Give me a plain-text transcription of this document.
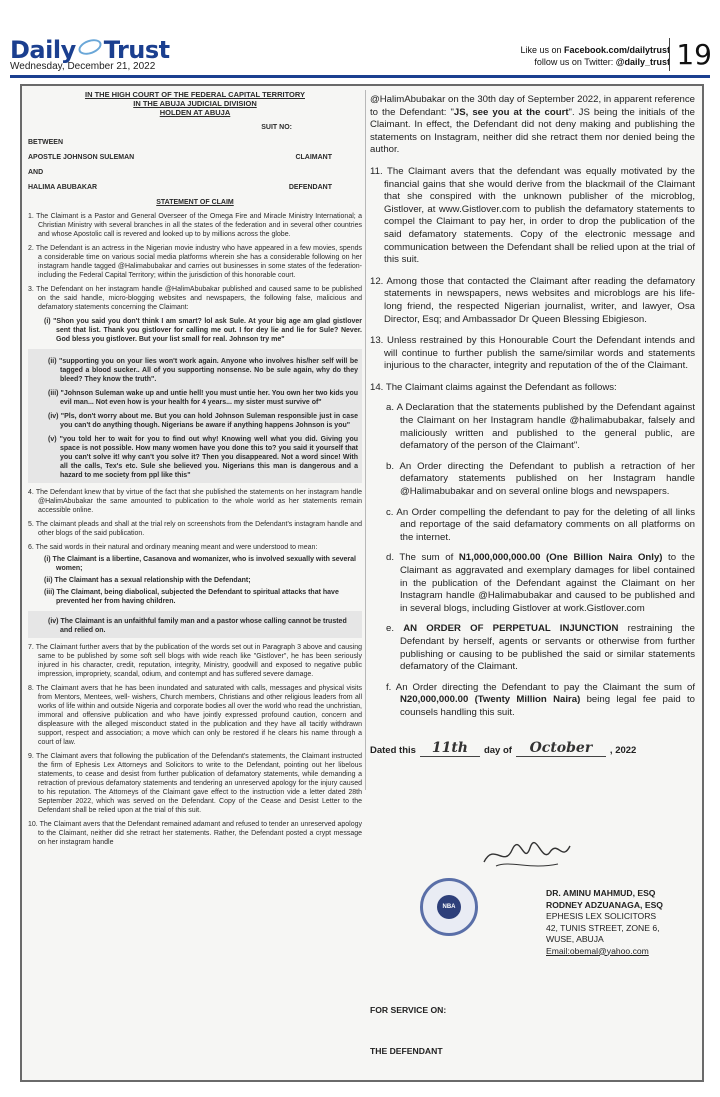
Daily Trust
Wednesday, December 21, 2022
Like us on Facebook.com/dailytrust
follow us on Twitter: @daily_trust 19
IN THE HIGH COURT OF THE FEDERAL CAPITAL TERRITORY
IN THE ABUJA JUDICIAL DIVISION
HOLDEN AT ABUJA
SUIT NO:
BETWEEN
APOSTLE JOHNSON SULEMAN	CLAIMANT
AND
HALIMA ABUBAKAR	DEFENDANT
STATEMENT OF CLAIM
1. The Claimant is a Pastor and General Overseer of the Omega Fire and Miracle Ministry International; a Christian Ministry with several branches in all the states of the federation and in several other countries and whose Apostolic call is revered and looked up to by millions across the globe.
2. The Defendant is an actress in the Nigerian movie industry who have appeared in a few movies, spends a considerable time on various social media platforms wherein she has a considerable following on her instagram handle tagged @Halimabubakar and carries out businesses in some states of the federation- including the Federal Capital Territory; within the jurisdiction of this honorable court.
3. The Defendant on her instagram handle @HalimAbubakar published and caused same to be published on the said handle, micro-blogging websites and newspapers, the following false, malicious and defamatory statements concerning the Claimant:
(i) "Shon you said you don't think I am smart? lol ask Sule. At your big age am glad gistlover sent that list. Thank you gistlover for calling me out. I for dey lie and lie for Sule? Never. God bless you gistlover. But your list small for real. Johnson try me"
(ii) "supporting you on your lies won't work again. Anyone who involves his/her self will be tagged a blood sucker.. All of you supporting nonsense. No be sule again, why do they bleed? They know the truth".
(iii) "Johnson Suleman wake up and untie hell! you must untie her. You own her two kids you evil man... Not even how is your health for 4 years... my sister must survive of"
(iv) "Pls, don't worry about me. But you can hold Johnson Suleman responsible just in case you can't do anything though. Nigerians be aware if anything happens Johnson is you"
(v) "you told her to wait for you to find out why! Knowing well what you did. Giving you space is not possible. How many women have you done this to? you said it yourself that you can't solve it! why can't you solve it? Then you disappeared. Not a word since! With all the calls, Tex's etc. Sule she believed you. Nigerians this man is dangerous and a hazard to me society from ppl like this"
4. The Defendant knew that by virtue of the fact that she published the statements on her instagram handle @HalimAbubakar the same amounted to publication to the whole world as her statements remain accessible online.
5. The claimant pleads and shall at the trial rely on screenshots from the Defendant's instagram handle and other blogs of the said publication.
6. The said words in their natural and ordinary meaning meant and were understood to mean:
(i) The Claimant is a libertine, Casanova and womanizer, who is involved sexually with several women;
(ii) The Claimant has a sexual relationship with the Defendant;
(iii) The Claimant, being diabolical, subjected the Defendant to spiritual attacks that have prevented her from having children.
(iv) The Claimant is an unfaithful family man and a pastor whose calling cannot be trusted and relied on.
7. The Claimant further avers that by the publication of the words set out in Paragraph 3 above and causing same to be published by some soft sell blogs with wide reach like "Gistlover", he has been seriously injured in his character, credit, reputation, integrity, Ministry, goodwill and exposed to negative public impression, impropriety, scandal, odium, and contempt and has suffered severe damage.
8. The Claimant avers that he has been inundated and saturated with calls, messages and physical visits from Mentors, Mentees, well- wishers, Church members, Christians and other religious leaders from all works of life within and outside Nigeria and corporate bodies all over the world who read the unchristian, immoral and offensive publication and who have jointly expressed profound caution, concern and displeasure with the alleged misconduct stated in the publication and they have all tacitly withdrawn support, respect and association; a move which can only be restored if he clears his name through a court of law.
9. The Claimant avers that following the publication of the Defendant's statements, the Claimant instructed the firm of Ephesis Lex Attorneys and Solicitors to write to the Defendant, pointing out her libelous statements, to cease and desist from further publication of defamatory statements, while demanding a retraction of previous defamatory statements and tendering an unreserved apology for the injury caused to his reputation. The Attorneys of the Claimant gave effect to the instruction vide a letter dated 28th September 2022, which was served on the Defendant. Copy of the Cease and Desist Letter to the Defendant shall be relied upon at the trial of this suit.
10. The Claimant avers that the Defendant remained adamant and refused to tender an unreserved apology to the Claimant, neither did she retract her statements. Rather, the Defendant posted a crypt message on her instagram handle
@HalimAbubakar on the 30th day of September 2022, in apparent reference to the Defendant: "JS, see you at the court". JS being the initials of the Claimant. In effect, the Defendant did not deny making and publishing the statements on Instagram, neither did she retract them nor denied being the author.
11. The Claimant avers that the defendant was equally motivated by the financial gains that she would derive from the blackmail of the Claimant that she conspired with the unknown publisher of the microblog, Gistlover, at www.Gistlover.com to publish the defamatory statements to compel the Claimant to pay her, in order to drop the publication of the said defamatory statements. Copy of the electronic message and communication between the Defendant shall be relied upon at the trial of this suit.
12. Among those that contacted the Claimant after reading the defamatory statements in newspapers, news websites and microblogs are his life-long friend, the respected Nigerian journalist, writer, and lawyer, Osa Director, Esq; and Ambassador Dr Queen Blessing Ebigieson.
13. Unless restrained by this Honourable Court the Defendant intends and will continue to further publish the same/similar words and statements injurious to the character, integrity and reputation of the of the Claimant.
14. The Claimant claims against the Defendant as follows:
a. A Declaration that the statements published by the Defendant against the Claimant on her Instagram handle @halimabubakar, falsely and maliciously written and published to the general public, are defamatory of the person of the Claimant".
b. An Order directing the Defendant to publish a retraction of her defamatory statements published on her Instagram handle @Halimabubakar and on several online blogs and newspapers.
c. An Order compelling the defendant to pay for the deleting of all links and reportage of the said defamatory comments on all platforms on the internet.
d. The sum of N1,000,000,000.00 (One Billion Naira Only) to the Claimant as aggravated and exemplary damages for libel contained in the publication of the Defendant against the Claimant on her Instagram handle @Halimabubakar and caused to be published and in several blogs, including Gistlover at work.Gistlover.com
e. AN ORDER OF PERPETUAL INJUNCTION restraining the Defendant by herself, agents or servants or otherwise from further publishing or causing to be published the said or similar statements defamatory of the Claimant.
f. An Order directing the Defendant to pay the Claimant the sum of N20,000,000.00 (Twenty Million Naira) being legal fee paid to counsels handling this suit.
Dated this	11th	day of	October	, 2022
NBA
DR. AMINU MAHMUD, ESQ
RODNEY ADZUANAGA, ESQ
EPHESIS LEX SOLICITORS
42, TUNIS STREET, ZONE 6,
WUSE, ABUJA
Email:obemal@yahoo.com
FOR SERVICE ON:
THE DEFENDANT
